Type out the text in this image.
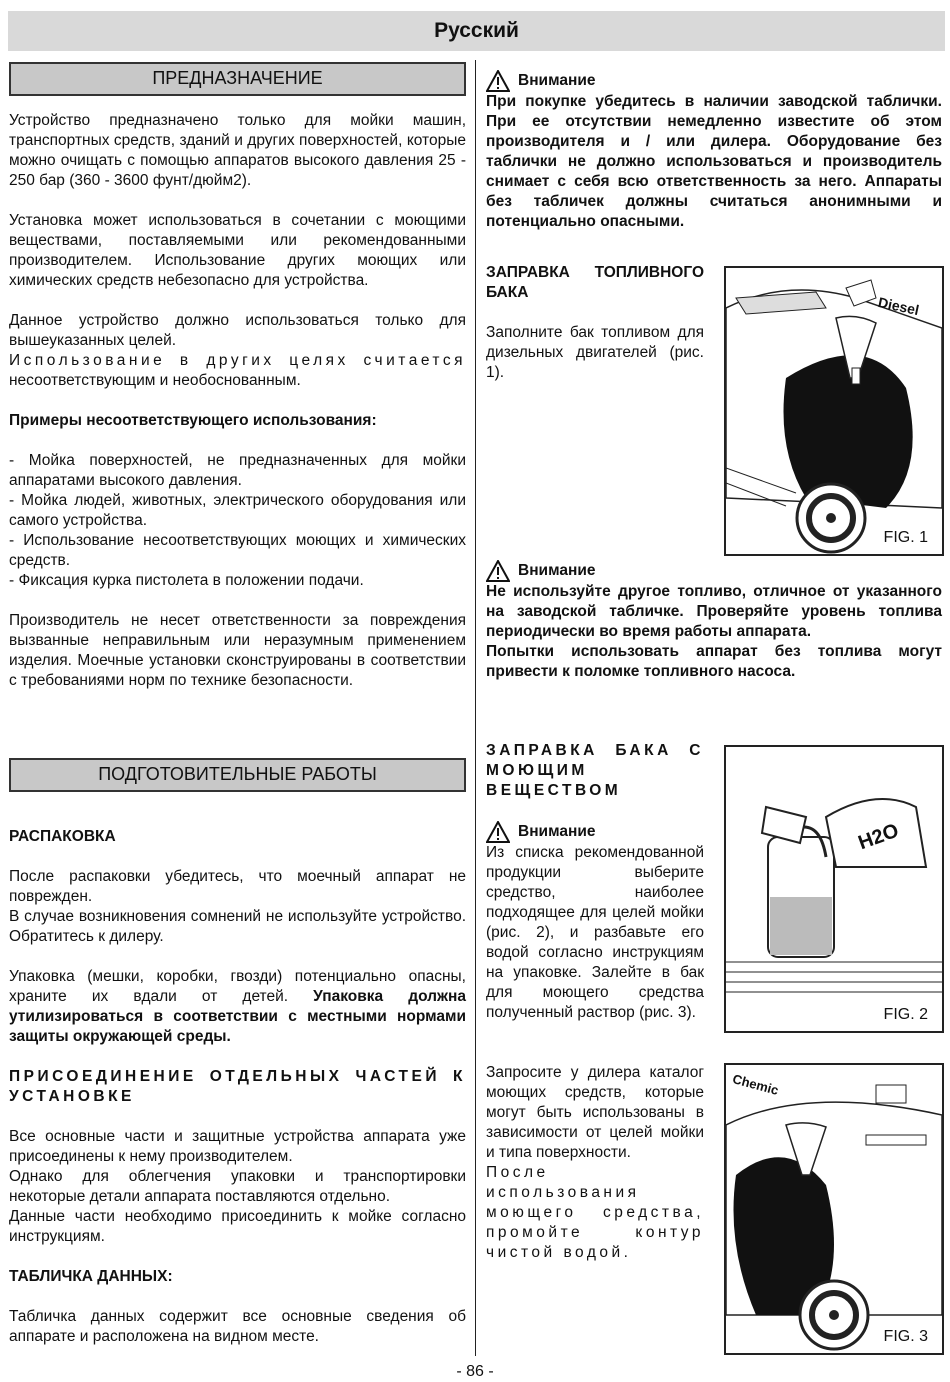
Русский
ПРЕДНАЗНАЧЕНИЕ
Устройство предназначено только для мойки машин, транспортных средств, зданий и других поверхностей, которые можно очищать с помощью аппаратов высокого давления 25 - 250 бар (360 - 3600 фунт/дюйм2).
Установка может использоваться в сочетании с моющими веществами, поставляемыми или рекомендованными производителем. Использование других моющих или химических средств небезопасно для устройства.
Данное устройство должно использоваться только для вышеуказанных целей.
Использование в других целях считается
несоответствующим и необоснованным.
Примеры несоответствующего использования:
- Мойка поверхностей, не предназначенных для мойки аппаратами высокого давления.
- Мойка людей, животных, электрического оборудования или самого устройства.
- Использование несоответствующих моющих и химических средств.
- Фиксация курка пистолета в положении подачи.
Производитель не несет ответственности за повреждения вызванные неправильным или неразумным применением изделия. Моечные установки сконструированы в соответствии с требованиями норм по технике безопасности.
ПОДГОТОВИТЕЛЬНЫЕ РАБОТЫ
РАСПАКОВКА
После распаковки убедитесь, что моечный аппарат не поврежден.
В случае возникновения сомнений не используйте устройство. Обратитесь к дилеру.
Упаковка (мешки, коробки, гвозди) потенциально опасны, храните их вдали от детей. Упаковка должна утилизироваться в соответствии с местными нормами защиты окружающей среды.
ПРИСОЕДИНЕНИЕ ОТДЕЛЬНЫХ ЧАСТЕЙ К УСТАНОВКЕ
Все основные части и защитные устройства аппарата уже присоединены к нему производителем.
Однако для облегчения упаковки и транспортировки некоторые детали аппарата поставляются отдельно.
Данные части необходимо присоединить к мойке согласно инструкциям.
ТАБЛИЧКА ДАННЫХ:
Табличка данных содержит все основные сведения об аппарате и расположена на видном месте.
Внимание
При покупке убедитесь в наличии заводской таблички. При ее отсутствии немедленно известите об этом производителя и / или дилера. Оборудование без таблички не должно использоваться и производитель снимает с себя всю ответственность за него. Аппараты без табличек должны считаться анонимными и потенциально опасными.
ЗАПРАВКА ТОПЛИВНОГО БАКА
Заполните бак топливом для дизельных двигателей (рис. 1).
Diesel
FIG. 1
Внимание
Не используйте другое топливо, отличное от указанного на заводской табличке. Проверяйте уровень топлива периодически во время работы аппарата.
Попытки использовать аппарат без топлива могут привести к поломке топливного насоса.
ЗАПРАВКА БАКА С МОЮЩИМ ВЕЩЕСТВОМ
Внимание
Из списка рекомендованной продукции выберите средство, наиболее подходящее для целей мойки (рис. 2), и разбавьте его водой согласно инструкциям на упаковке. Залейте в бак для моющего средства полученный раствор (рис. 3).
H2O
FIG. 2
Запросите у дилера каталог моющих средств, которые могут быть использованы в зависимости от целей мойки и типа поверхности.
После использования моющего средства, промойте контур чистой водой.
Chemic
FIG. 3
- 86 -
